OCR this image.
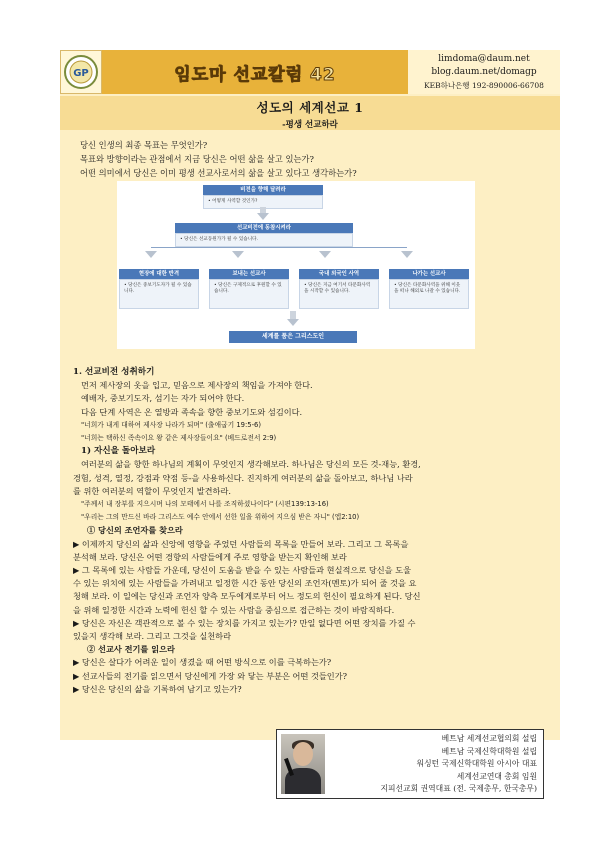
GP	임도마 선교칼럼 42
limdoma@daum.net
blog.daum.net/domagp
KEB하나은행 192-890006-66708
성도의 세계선교 1
-평생 선교하라

당신 인생의 최종 목표는 무엇인가?

목표와 방향이라는 관점에서 지금 당신은 어떤 삶을 살고 있는가?

어떤 의미에서 당신은 이미 평생 선교사로서의 삶을 살고 있다고 생각하는가?

비전을 향해 달려라
• 어떻게 사역할 것인가?
선교비전에 동참시켜라
• 당신은 선교동원가가 될 수 있습니다.
현장에 대한 반격
• 당신은 중보기도자가 될 수 있습니다.
보내는 선교사
• 당신은 구제적으로 후원할 수 있습니다.
국내 외국인 사역
• 당신은 지금 여기서 타문화사역을 시작할 수 있습니다.
나가는 선교사
• 당신은 타문화사역을 위해 이웃을 떠나 해외로 나갈 수 있습니다.
세계를 품은 그리스도인
1. 선교비전 성취하기
먼저 제사장의 옷을 입고, 믿음으로 제사장의 책임을 가져야 한다.
예배자, 중보기도자, 섬기는 자가 되어야 한다.
다음 단계 사역은 온 열방과 족속을 향한 중보기도와 섬김이다.
"너희가 내게 대하여 제사장 나라가 되며" (출애굽기 19:5-6)
"너희는 택하신 족속이요 왕 같은 제사장들이요" (베드로전서 2:9)
1) 자신을 돌아보라
여러분의 삶을 향한 하나님의 계획이 무엇인지 생각해보라. 하나님은 당신의 모든 것-재능, 환경,
경험, 성격, 열정, 강점과 약점 등-을 사용하신다. 진지하게 여러분의 삶을 돌아보고, 하나님 나라
를 위한 여러분의 역할이 무엇인지 발견하라.
"주께서 내 장부를 지으시며 나의 모태에서 나를 조직하셨나이다" (시편139:13-16)
"우리는 그의 만드신 바라 그리스도 예수 안에서 선한 일을 위하여 지으심 받은 자니" (엡2:10)
① 당신의 조언자를 찾으라
▶ 이제까지 당신의 삶과 신앙에 영향을 주었던 사람들의 목록을 만들어 보라. 그리고 그 목록을
분석해 보라. 당신은 어떤 경향의 사람들에게 주로 영향을 받는지 확인해 보라
▶ 그 목록에 있는 사람들 가운데, 당신이 도움을 받을 수 있는 사람들과 현실적으로 당신을 도울
수 있는 위치에 있는 사람들을 가려내고 일정한 시간 동안 당신의 조언자(멘토)가 되어 줄 것을 요
청해 보라. 이 일에는 당신과 조언자 양측 모두에게로부터 어느 정도의 헌신이 필요하게 된다. 당신
을 위해 일정한 시간과 노력에 헌신 할 수 있는 사람을 중심으로 접근하는 것이 바람직하다.
▶ 당신은 자신은 객관적으로 볼 수 있는 장치를 가지고 있는가? 만일 없다면 어떤 장치를 가질 수
있을지 생각해 보라. 그리고 그것을 실천하라
② 선교사 전기를 읽으라
▶ 당신은 살다가 어려운 일이 생겼을 때 어떤 방식으로 이를 극복하는가?
▶ 선교사들의 전기를 읽으면서 당신에게 가장 와 닿는 부분은 어떤 것들인가?
▶ 당신은 당신의 삶을 기록하여 남기고 있는가?
베트남 세계선교협의회 설립
베트남 국제신학대학원 설립
워싱턴 국제신학대학원 아시아 대표
세계선교연대 총회 임원
지피선교회 권역대표 (전. 국제총무, 한국총무)
